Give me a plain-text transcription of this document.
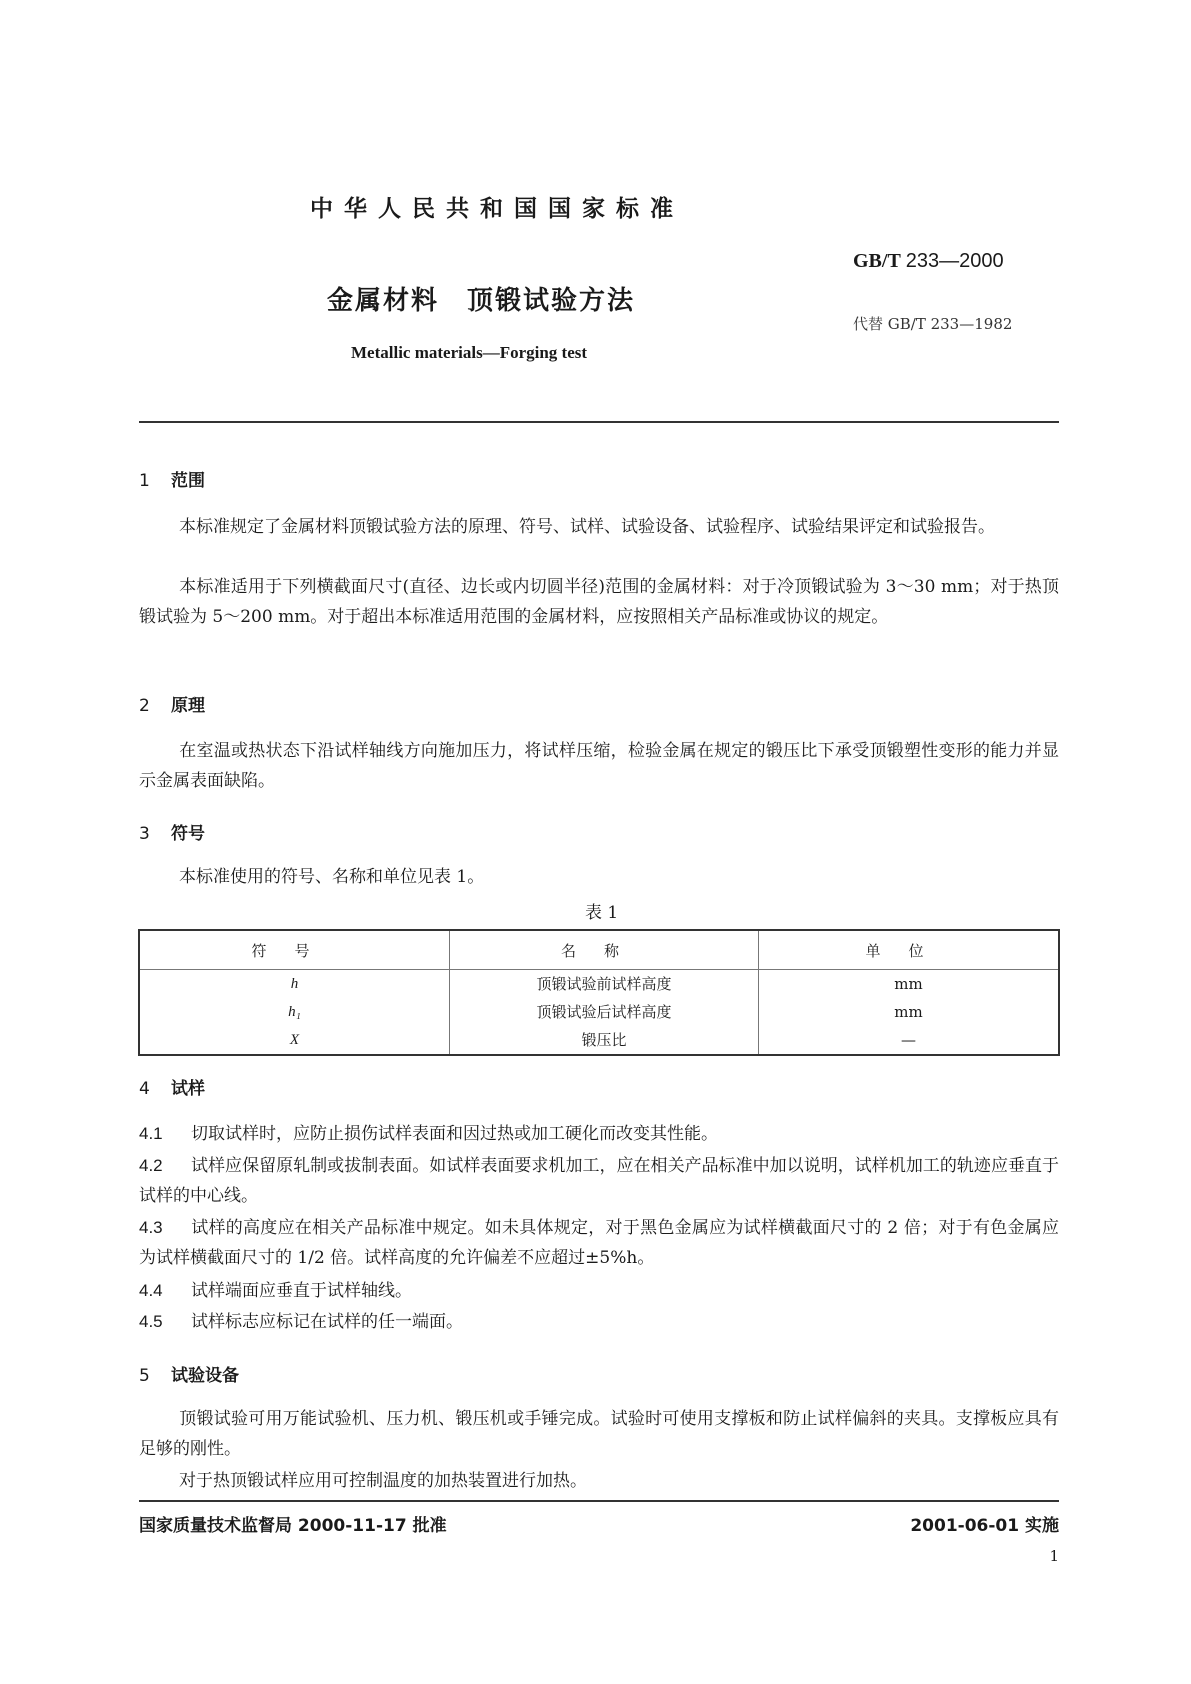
中华人民共和国国家标准
GB/T 233—2000
金属材料　顶锻试验方法
代替 GB/T 233—1982
Metallic materials—Forging test
1 范围
本标准规定了金属材料顶锻试验方法的原理、符号、试样、试验设备、试验程序、试验结果评定和试验报告。
本标准适用于下列横截面尺寸(直径、边长或内切圆半径)范围的金属材料：对于冷顶锻试验为 3～30 mm；对于热顶锻试验为 5～200 mm。对于超出本标准适用范围的金属材料，应按照相关产品标准或协议的规定。
2 原理
在室温或热状态下沿试样轴线方向施加压力，将试样压缩，检验金属在规定的锻压比下承受顶锻塑性变形的能力并显示金属表面缺陷。
3 符号
本标准使用的符号、名称和单位见表 1。
表 1
符号	名称	单位
h	顶锻试验前试样高度	mm
h₁	顶锻试验后试样高度	mm
X	锻压比	—
4 试样
4.1 切取试样时，应防止损伤试样表面和因过热或加工硬化而改变其性能。
4.2 试样应保留原轧制或拔制表面。如试样表面要求机加工，应在相关产品标准中加以说明，试样机加工的轨迹应垂直于试样的中心线。
4.3 试样的高度应在相关产品标准中规定。如未具体规定，对于黑色金属应为试样横截面尺寸的 2 倍；对于有色金属应为试样横截面尺寸的 1/2 倍。试样高度的允许偏差不应超过±5%h。
4.4 试样端面应垂直于试样轴线。
4.5 试样标志应标记在试样的任一端面。
5 试验设备
顶锻试验可用万能试验机、压力机、锻压机或手锤完成。试验时可使用支撑板和防止试样偏斜的夹具。支撑板应具有足够的刚性。
对于热顶锻试样应用可控制温度的加热装置进行加热。
国家质量技术监督局 2000-11-17 批准	2001-06-01 实施
1
